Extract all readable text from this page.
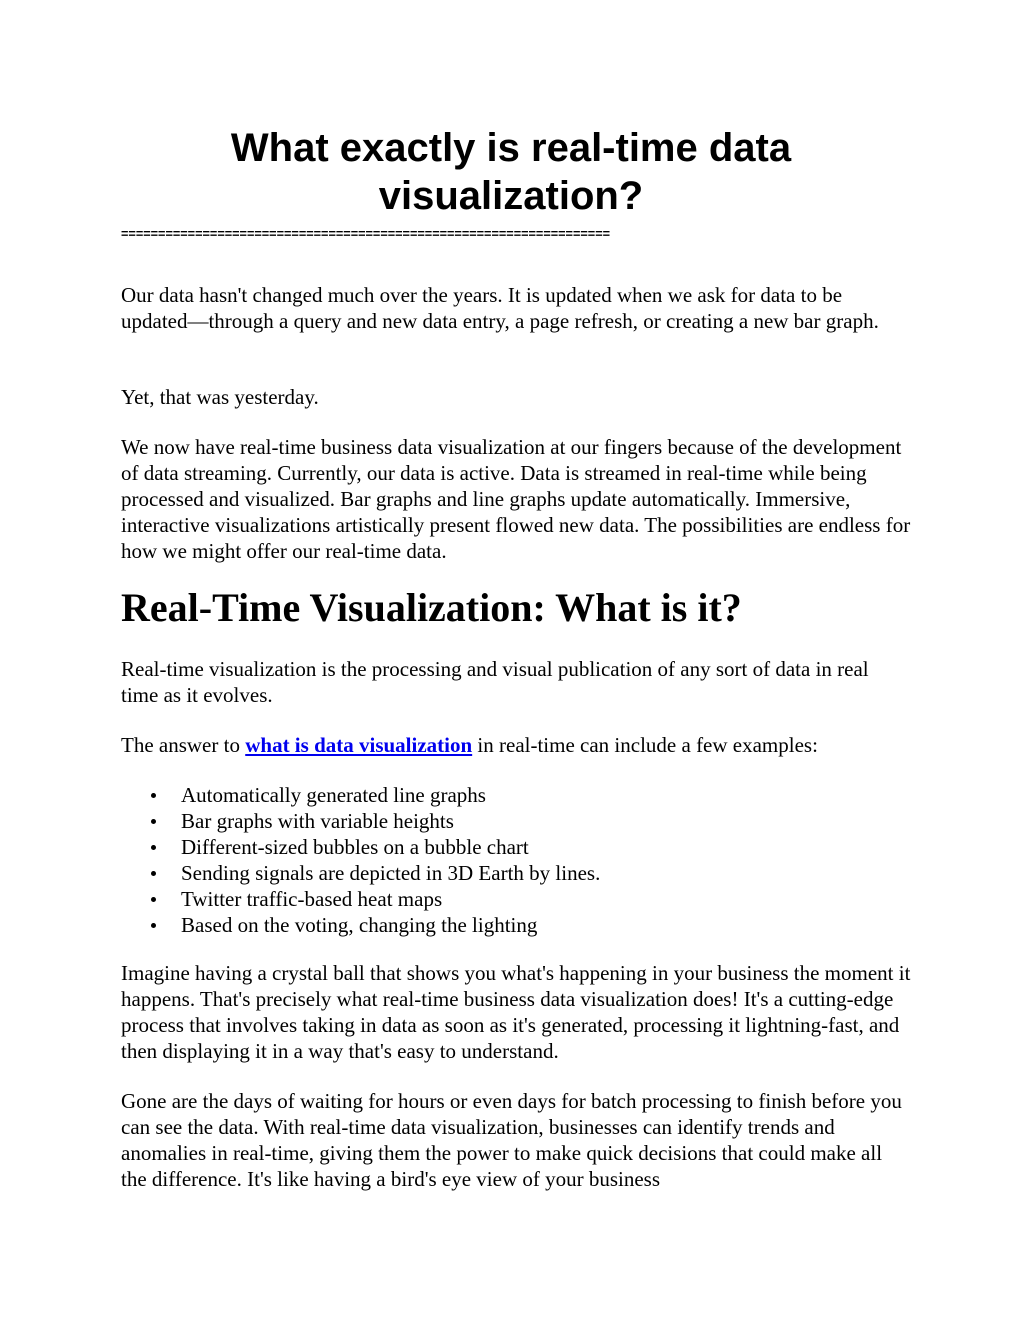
What exactly is real-time data visualization?
==================================================================

Our data hasn't changed much over the years. It is updated when we ask for data to be updated—through a query and new data entry, a page refresh, or creating a new bar graph.

Yet, that was yesterday.

We now have real-time business data visualization at our fingers because of the development of data streaming. Currently, our data is active. Data is streamed in real-time while being processed and visualized. Bar graphs and line graphs update automatically. Immersive, interactive visualizations artistically present flowed new data. The possibilities are endless for how we might offer our real-time data.

Real-Time Visualization: What is it?

Real-time visualization is the processing and visual publication of any sort of data in real time as it evolves.

The answer to what is data visualization in real-time can include a few examples:

Automatically generated line graphs
Bar graphs with variable heights
Different-sized bubbles on a bubble chart
Sending signals are depicted in 3D Earth by lines.
Twitter traffic-based heat maps
Based on the voting, changing the lighting

Imagine having a crystal ball that shows you what's happening in your business the moment it happens. That's precisely what real-time business data visualization does! It's a cutting-edge process that involves taking in data as soon as it's generated, processing it lightning-fast, and then displaying it in a way that's easy to understand.

Gone are the days of waiting for hours or even days for batch processing to finish before you can see the data. With real-time data visualization, businesses can identify trends and anomalies in real-time, giving them the power to make quick decisions that could make all the difference. It's like having a bird's eye view of your business
